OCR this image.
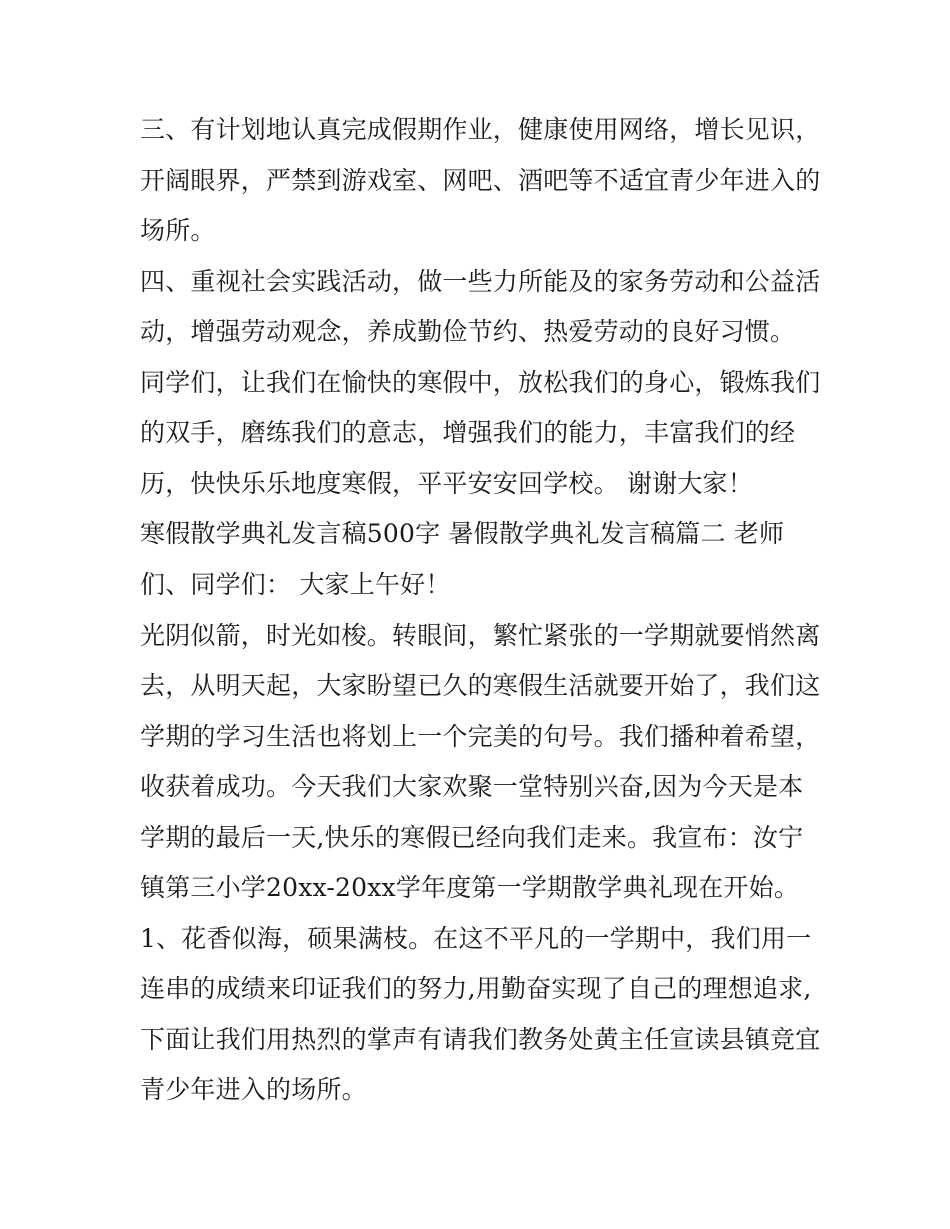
三、有计划地认真完成假期作业，健康使用网络，增长见识，
开阔眼界，严禁到游戏室、网吧、酒吧等不适宜青少年进入的
场所。
四、重视社会实践活动，做一些力所能及的家务劳动和公益活
动，增强劳动观念，养成勤俭节约、热爱劳动的良好习惯。
同学们，让我们在愉快的寒假中，放松我们的身心，锻炼我们
的双手，磨练我们的意志，增强我们的能力，丰富我们的经
历，快快乐乐地度寒假，平平安安回学校。 谢谢大家！
寒假散学典礼发言稿500字 暑假散学典礼发言稿篇二 老师
们、同学们： 大家上午好！
光阴似箭，时光如梭。转眼间，繁忙紧张的一学期就要悄然离
去，从明天起，大家盼望已久的寒假生活就要开始了，我们这
学期的学习生活也将划上一个完美的句号。我们播种着希望，
收获着成功。今天我们大家欢聚一堂特别兴奋,因为今天是本
学期的最后一天,快乐的寒假已经向我们走来。我宣布：汝宁
镇第三小学20xx-20xx学年度第一学期散学典礼现在开始。
1、花香似海，硕果满枝。在这不平凡的一学期中，我们用一
连串的成绩来印证我们的努力,用勤奋实现了自己的理想追求,
下面让我们用热烈的掌声有请我们教务处黄主任宣读县镇竞宜
青少年进入的场所。
